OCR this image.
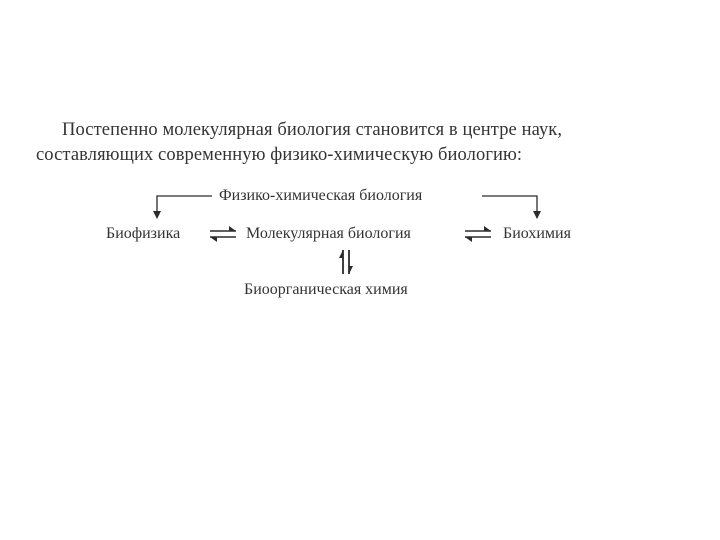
Постепенно молекулярная биология становится в центре наук,
составляющих современную физико-химическую биологию:
Физико-химическая биология
Биофизика	Молекулярная биология	Биохимия
Биоорганическая химия
